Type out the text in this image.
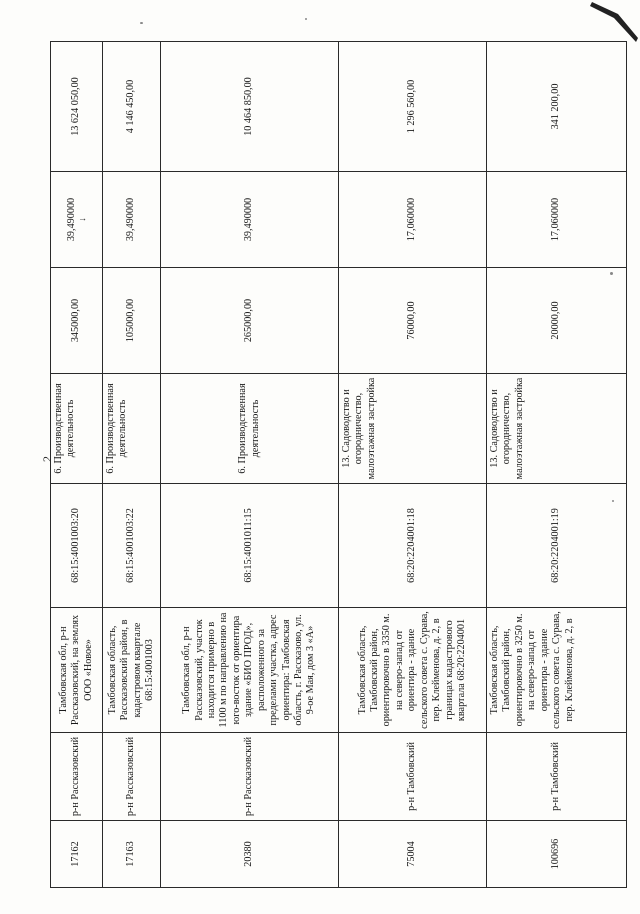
2
17162	р-н Рассказовский	Тамбовская обл, р-н Рассказовский, на землях ООО «Новое»	68:15:4001003:20	6. Производственная деятельность	345000,00	39,490000 ↓	13 624 050,00
17163	р-н Рассказовский	Тамбовская область, Рассказовский район, в кадастровом квартале 68:15:4001003	68:15:4001003:22	6. Производственная деятельность	105000,00	39,490000	4 146 450,00
20380	р-н Рассказовский	Тамбовская обл, р-н Рассказовский, участок находится примерно в 1100 м по направлению на юго-восток от ориентира здание «БИО ПРОД», расположенного за пределами участка, адрес ориентира: Тамбовская область, г. Рассказово, ул. 9-ое Мая, дом 3 «А»	68:15:4001011:15	6. Производственная деятельность	265000,00	39,490000	10 464 850,00
75004	р-н Тамбовский	Тамбовская область, Тамбовский район, ориентировочно в 3350 м. на северо-запад от ориентира - здание сельского совета с. Сурава, пер. Клейменова, д. 2, в границах кадастрового квартала 68:20:2204001	68:20:2204001:18	13. Садоводство и огородничество, малоэтажная застройка	76000,00	17,060000	1 296 560,00
100696	р-н Тамбовский	Тамбовская область, Тамбовский район, ориентировочно в 3250 м. на северо-запад от ориентира - здание сельского совета с. Сурава, пер. Клейменова, д. 2, в	68:20:2204001:19	13. Садоводство и огородничество, малоэтажная застройка	20000,00	17,060000	341 200,00
